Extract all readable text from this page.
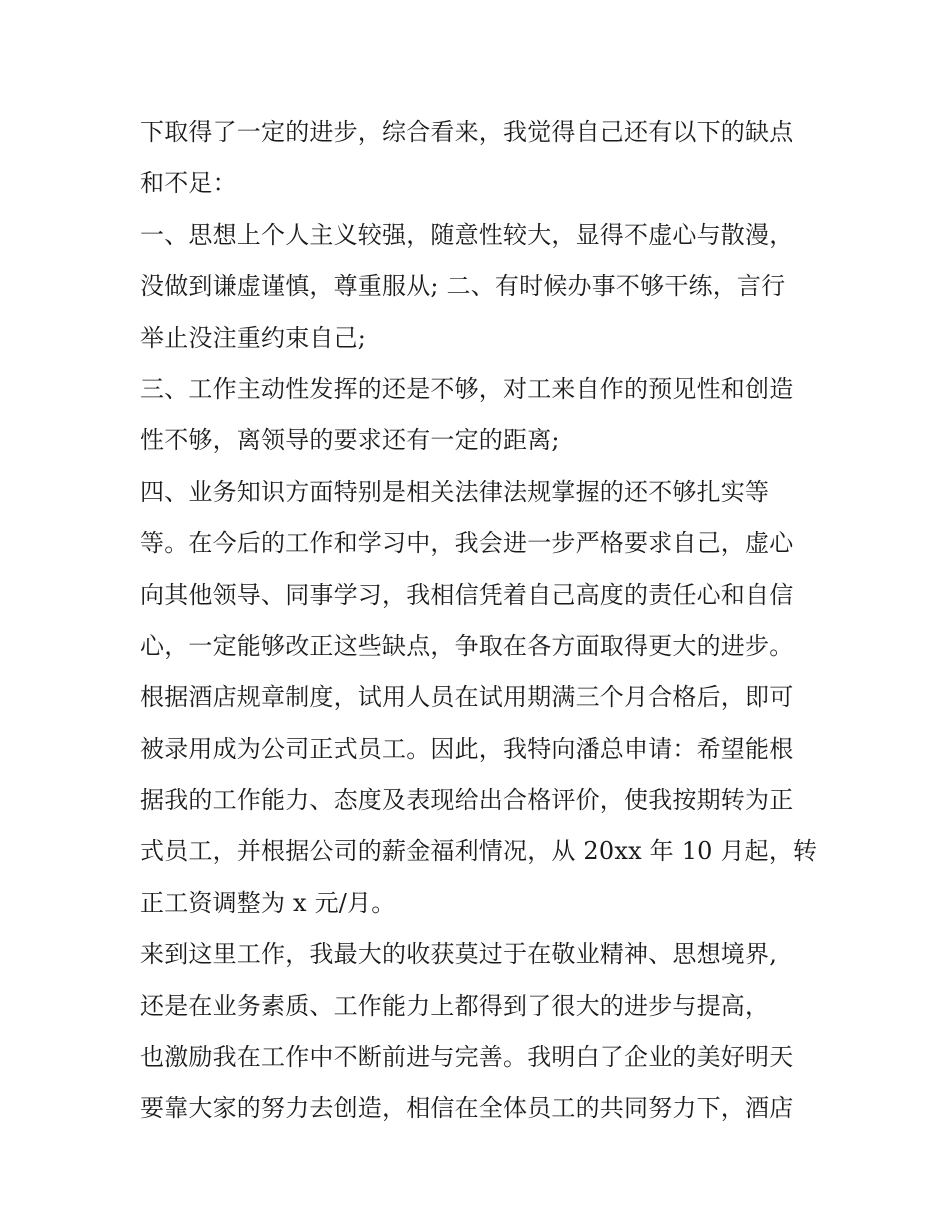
下取得了一定的进步，综合看来，我觉得自己还有以下的缺点
和不足：
一、思想上个人主义较强，随意性较大，显得不虚心与散漫，
没做到谦虚谨慎，尊重服从; 二、有时候办事不够干练，言行
举止没注重约束自己;
三、工作主动性发挥的还是不够，对工来自作的预见性和创造
性不够，离领导的要求还有一定的距离;
四、业务知识方面特别是相关法律法规掌握的还不够扎实等
等。在今后的工作和学习中，我会进一步严格要求自己，虚心
向其他领导、同事学习，我相信凭着自己高度的责任心和自信
心，一定能够改正这些缺点，争取在各方面取得更大的进步。
根据酒店规章制度，试用人员在试用期满三个月合格后，即可
被录用成为公司正式员工。因此，我特向潘总申请：希望能根
据我的工作能力、态度及表现给出合格评价，使我按期转为正
式员工，并根据公司的薪金福利情况，从 20xx 年 10 月起，转
正工资调整为 x 元/月。
来到这里工作，我最大的收获莫过于在敬业精神、思想境界,
还是在业务素质、工作能力上都得到了很大的进步与提高，
也激励我在工作中不断前进与完善。我明白了企业的美好明天
要靠大家的努力去创造，相信在全体员工的共同努力下，酒店
